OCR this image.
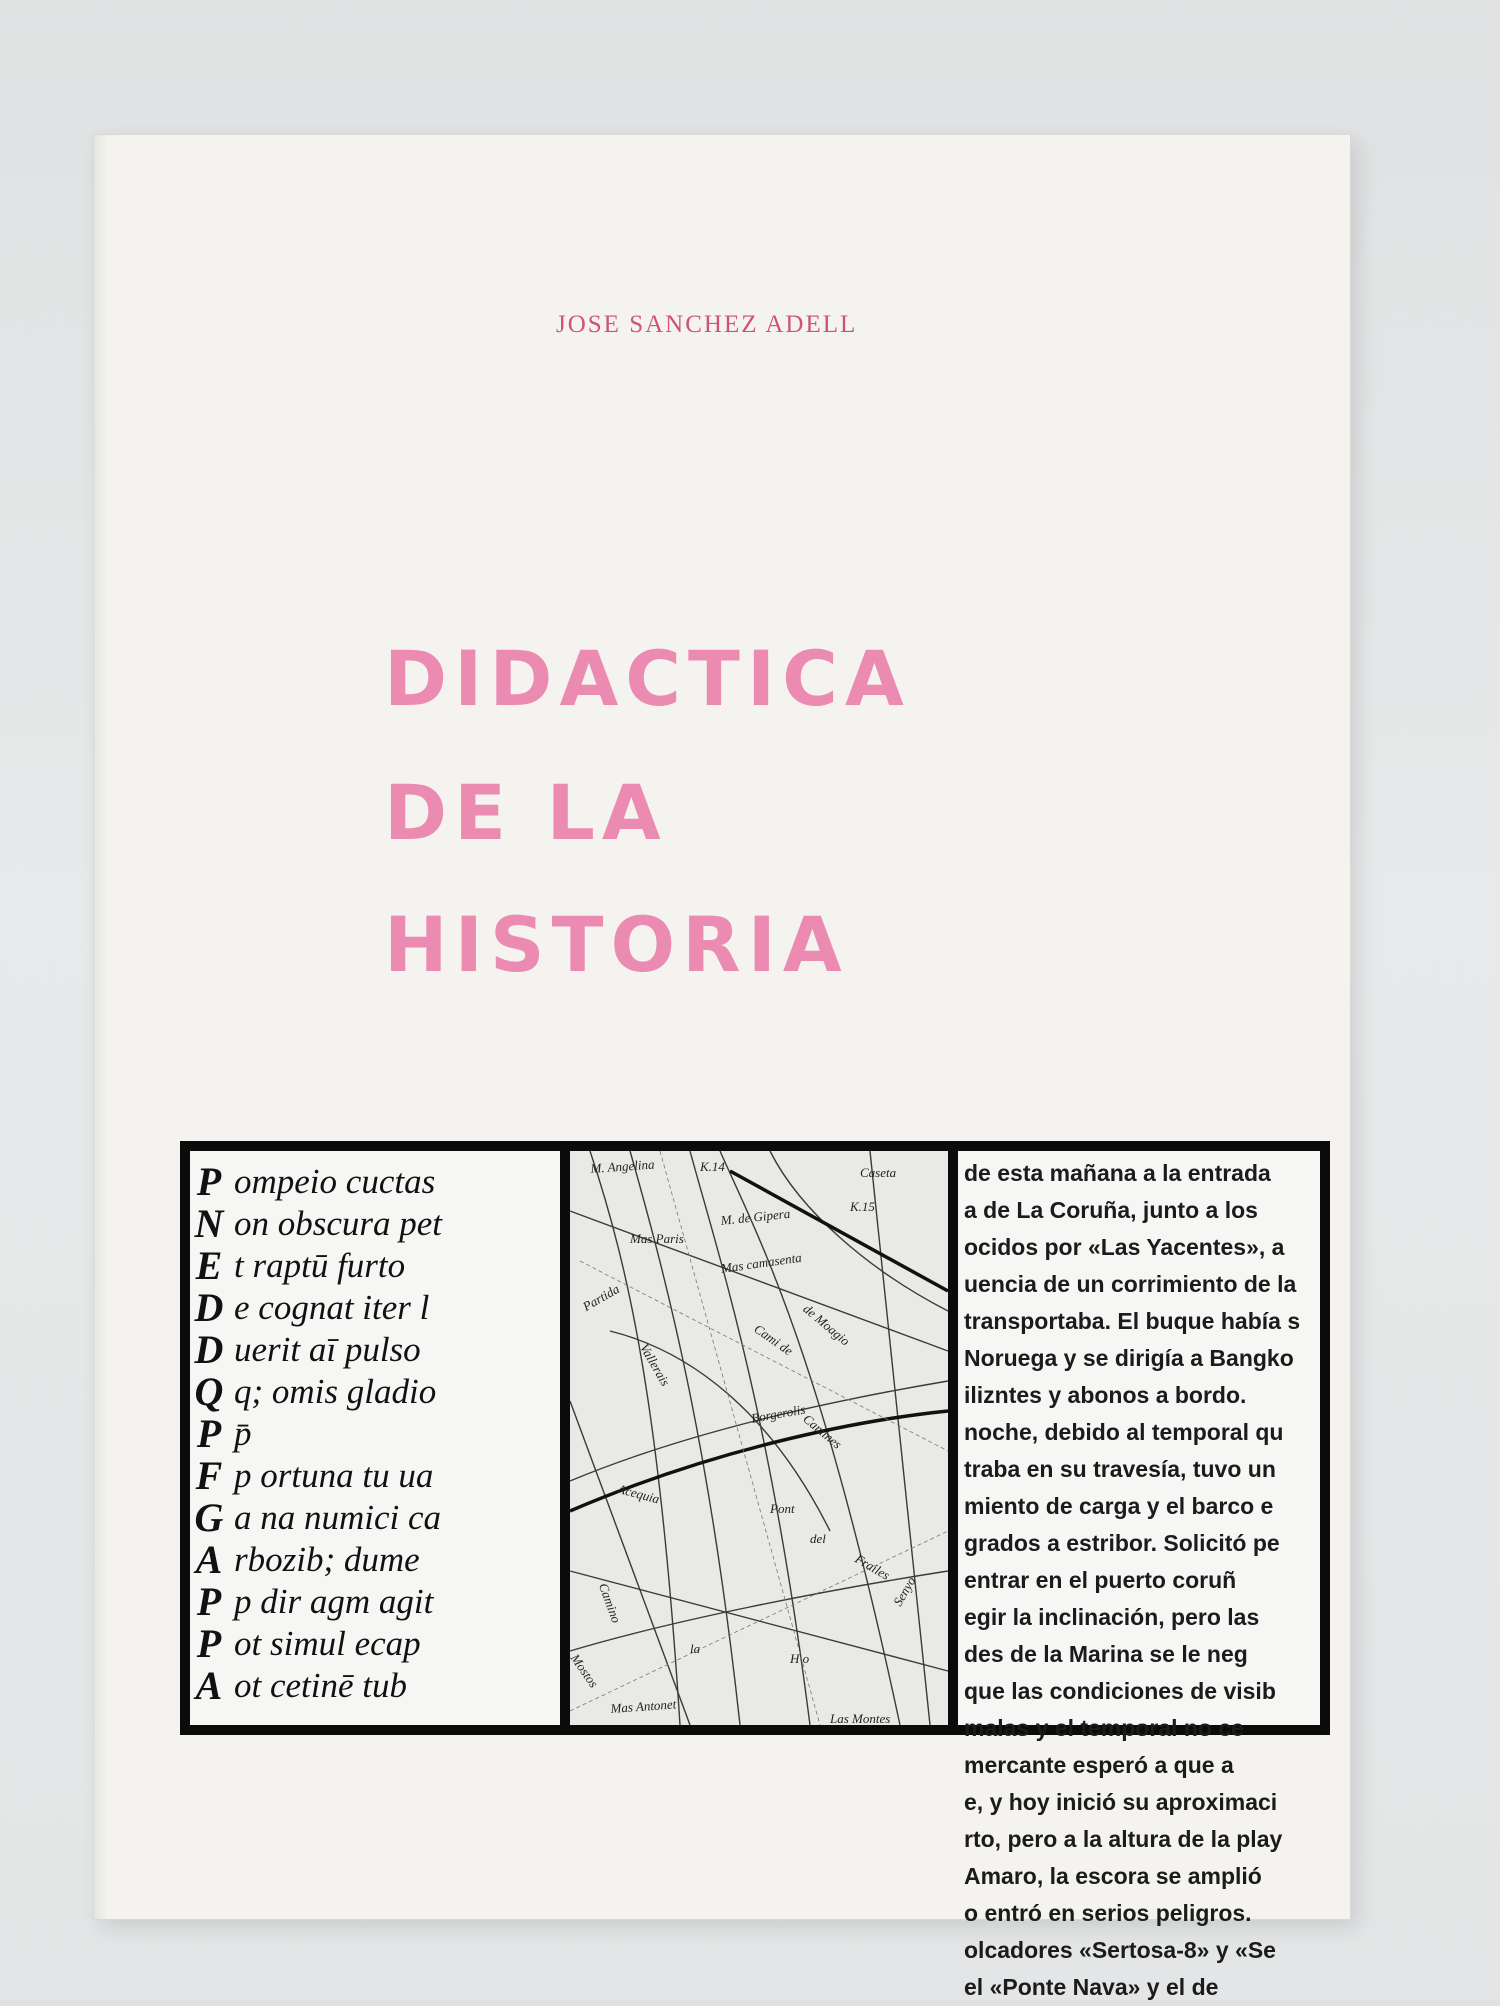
JOSE SANCHEZ ADELL
DIDACTICA
DE LA
HISTORIA
P ompeio cuctas
N on obscura pet
E t raptū furto
D e cognat iter l
D uerit aī pulso
Q q; omis gladio
P p̄
F p ortuna tu ua
G a na numici ca
A rbozib; dume
P p dir agm agit
P ot simul ecap
A ot cetinē tub
M. Angelina	K.14	Caseta
K.15
M. de Gipera
Mas Paris
Mas camasenta
de Moagio
Partida
Vallerais
Cami de
Borgerolis
Camines
Acequia
Pont
del
Frailes
Senyo
Camino
la
H o
Mas Antonet
Las Montes
Mostos
de esta mañana a la entrada
a de La Coruña, junto a los
ocidos por «Las Yacentes», a
uencia de un corrimiento de la
transportaba. El buque había s
Noruega y se dirigía a Bangko
ilizntes y abonos a bordo.
noche, debido al temporal qu
traba en su travesía, tuvo un
miento de carga y el barco e
grados a estribor. Solicitó pe
entrar en el puerto coruñ
egir la inclinación, pero las
des de la Marina se le neg
que las condiciones de visib
malas y el temporal no ce
mercante esperó a que a
e, y hoy inició su aproximaci
rto, pero a la altura de la play
Amaro, la escora se amplió
o entró en serios peligros.
olcadores «Sertosa-8» y «Se
el «Ponte Nava» y el de
